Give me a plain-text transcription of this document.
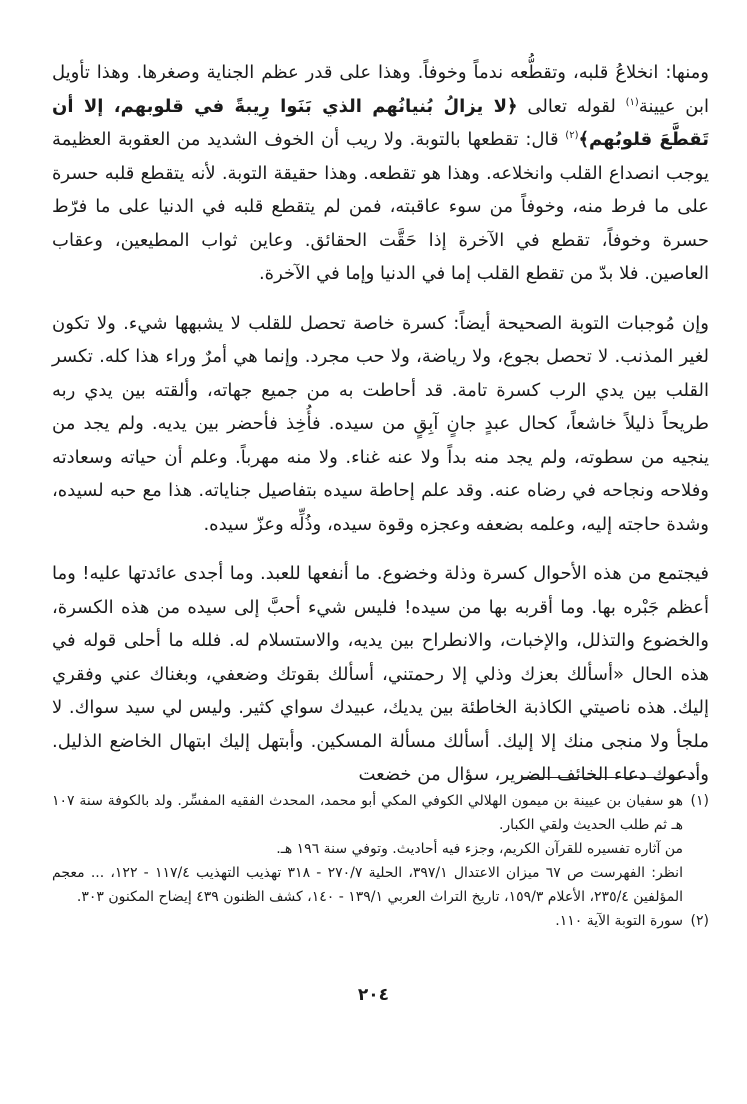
ومنها: انخلاعُ قلبه، وتقطُّعه ندماً وخوفاً. وهذا على قدر عظم الجناية وصغرها. وهذا تأويل ابن عيينة$^{(١)}$ لقوله تعالى ﴿لا يزالُ بُنيانُهم الذي بَنَوا رِيبةً في قلوبهم، إلا أن تَقطَّعَ قلوبُهم﴾$^{(٢)}$ قال: تقطعها بالتوبة. ولا ريب أن الخوف الشديد من العقوبة العظيمة يوجب انصداع القلب وانخلاعه. وهذا هو تقطعه. وهذا حقيقة التوبة. لأنه يتقطع قلبه حسرة على ما فرط منه، وخوفاً من سوء عاقبته، فمن لم يتقطع قلبه في الدنيا على ما فرّط حسرة وخوفاً، تقطع في الآخرة إذا حَقَّت الحقائق. وعاين ثواب المطيعين، وعقاب العاصين. فلا بدّ من تقطع القلب إما في الدنيا وإما في الآخرة.

وإن مُوجبات التوبة الصحيحة أيضاً: كسرة خاصة تحصل للقلب لا يشبهها شيء. ولا تكون لغير المذنب. لا تحصل بجوع، ولا رياضة، ولا حب مجرد. وإنما هي أمرٌ وراء هذا كله. تكسر القلب بين يدي الرب كسرة تامة. قد أحاطت به من جميع جهاته، وألقته بين يدي ربه طريحاً ذليلاً خاشعاً، كحال عبدٍ جانٍ آبِقٍ من سيده. فأُخِذ فأحضر بين يديه. ولم يجد من ينجيه من سطوته، ولم يجد منه بداً ولا عنه غناء. ولا منه مهرباً. وعلم أن حياته وسعادته وفلاحه ونجاحه في رضاه عنه. وقد علم إحاطة سيده بتفاصيل جناياته. هذا مع حبه لسيده، وشدة حاجته إليه، وعلمه بضعفه وعجزه وقوة سيده، وذُلِّه وعزّ سيده.

فيجتمع من هذه الأحوال كسرة وذلة وخضوع. ما أنفعها للعبد. وما أجدى عائدتها عليه! وما أعظم جَبْره بها. وما أقربه بها من سيده! فليس شيء أحبَّ إلى سيده من هذه الكسرة، والخضوع والتذلل، والإخبات، والانطراح بين يديه، والاستسلام له. فلله ما أحلى قوله في هذه الحال «أسألك بعزك وذلي إلا رحمتني، أسألك بقوتك وضعفي، وبغناك عني وفقري إليك. هذه ناصيتي الكاذبة الخاطئة بين يديك، عبيدك سواي كثير. وليس لي سيد سواك. لا ملجأ ولا منجى منك إلا إليك. أسألك مسألة المسكين. وأبتهل إليك ابتهال الخاضع الذليل. وأدعوك دعاء الخائف الضرير، سؤال من خضعت

(١)

هو سفيان بن عيينة بن ميمون الهلالي الكوفي المكي أبو محمد، المحدث الفقيه المفسِّر. ولد بالكوفة سنة ١٠٧ هـ ثم طلب الحديث ولقي الكبار.

من آثاره تفسيره للقرآن الكريم، وجزء فيه أحاديث. وتوفي سنة ١٩٦ هـ.

انظر: الفهرست ص ٦٧ ميزان الاعتدال ٣٩٧/١، الحلية ٢٧٠/٧ - ٣١٨ تهذيب التهذيب ١١٧/٤ - ١٢٢، ... معجم المؤلفين ٢٣٥/٤، الأعلام ١٥٩/٣، تاريخ التراث العربي ١٣٩/١ - ١٤٠، كشف الظنون ٤٣٩ إيضاح المكنون ٣٠٣.

(٢)

سورة التوبة الآية ١١٠.

٢٠٤
